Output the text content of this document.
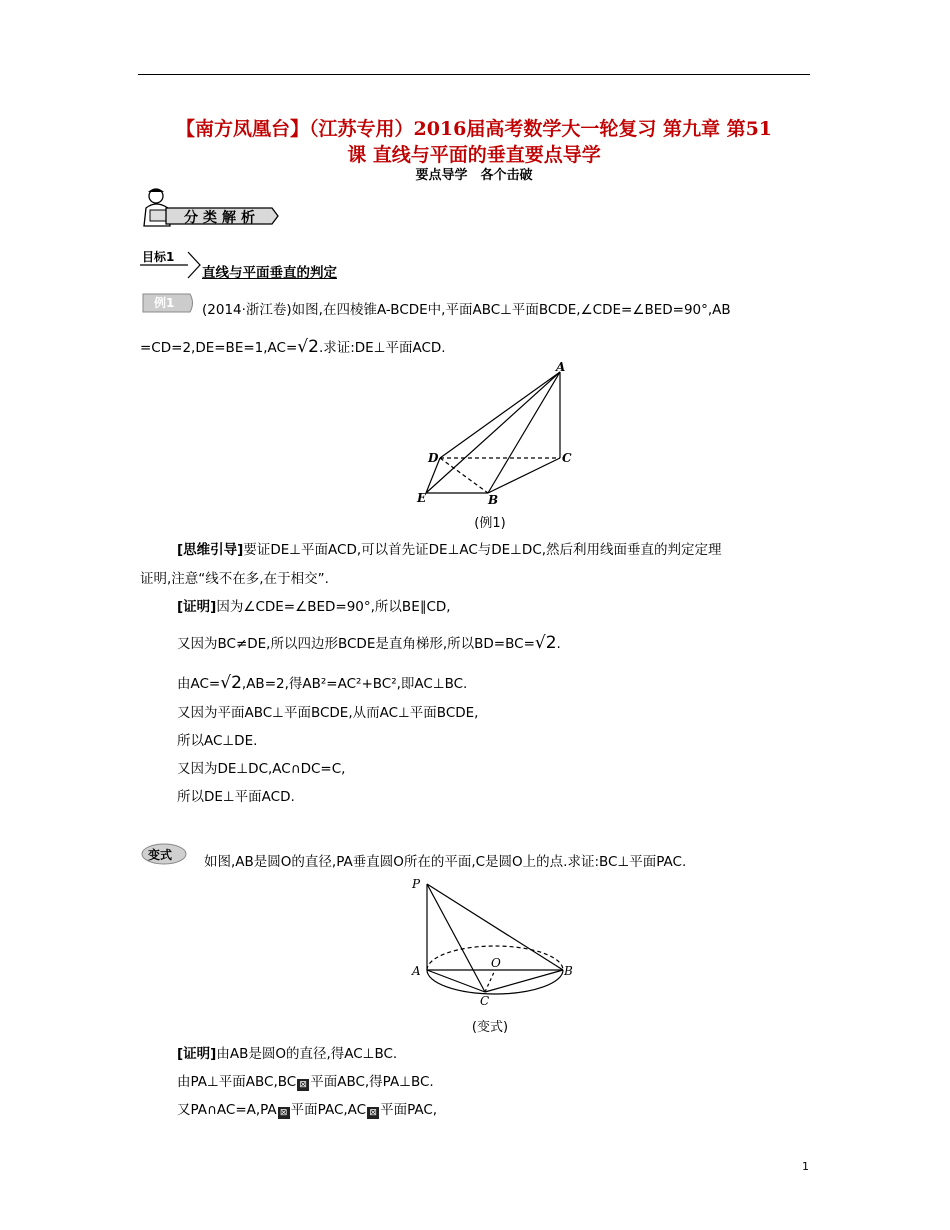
【南方凤凰台】（江苏专用）2016届高考数学大一轮复习 第九章 第51
课 直线与平面的垂直要点导学
要点导学　各个击破
分类解析
目标1
直线与平面垂直的判定
例1 (2014·浙江卷)如图,在四棱锥A-BCDE中,平面ABC⊥平面BCDE,∠CDE=∠BED=90°,AB
=CD=2,DE=BE=1,AC=√2.求证:DE⊥平面ACD.
A
B
C
D
E
(例1)
[思维引导]要证DE⊥平面ACD,可以首先证DE⊥AC与DE⊥DC,然后利用线面垂直的判定定理
证明,注意“线不在多,在于相交”.
[证明]因为∠CDE=∠BED=90°,所以BE∥CD,
又因为BC≠DE,所以四边形BCDE是直角梯形,所以BD=BC=√2.
由AC=√2,AB=2,得AB²=AC²+BC²,即AC⊥BC.
又因为平面ABC⊥平面BCDE,从而AC⊥平面BCDE,
所以AC⊥DE.
又因为DE⊥DC,AC∩DC=C,
所以DE⊥平面ACD.
变式 如图,AB是圆O的直径,PA垂直圆O所在的平面,C是圆O上的点.求证:BC⊥平面PAC.
P
A
O
B
C
(变式)
[证明]由AB是圆O的直径,得AC⊥BC.
由PA⊥平面ABC,BC ⊠ 平面ABC,得PA⊥BC.
又PA∩AC=A,PA ⊠ 平面PAC,AC ⊠ 平面PAC,
1
